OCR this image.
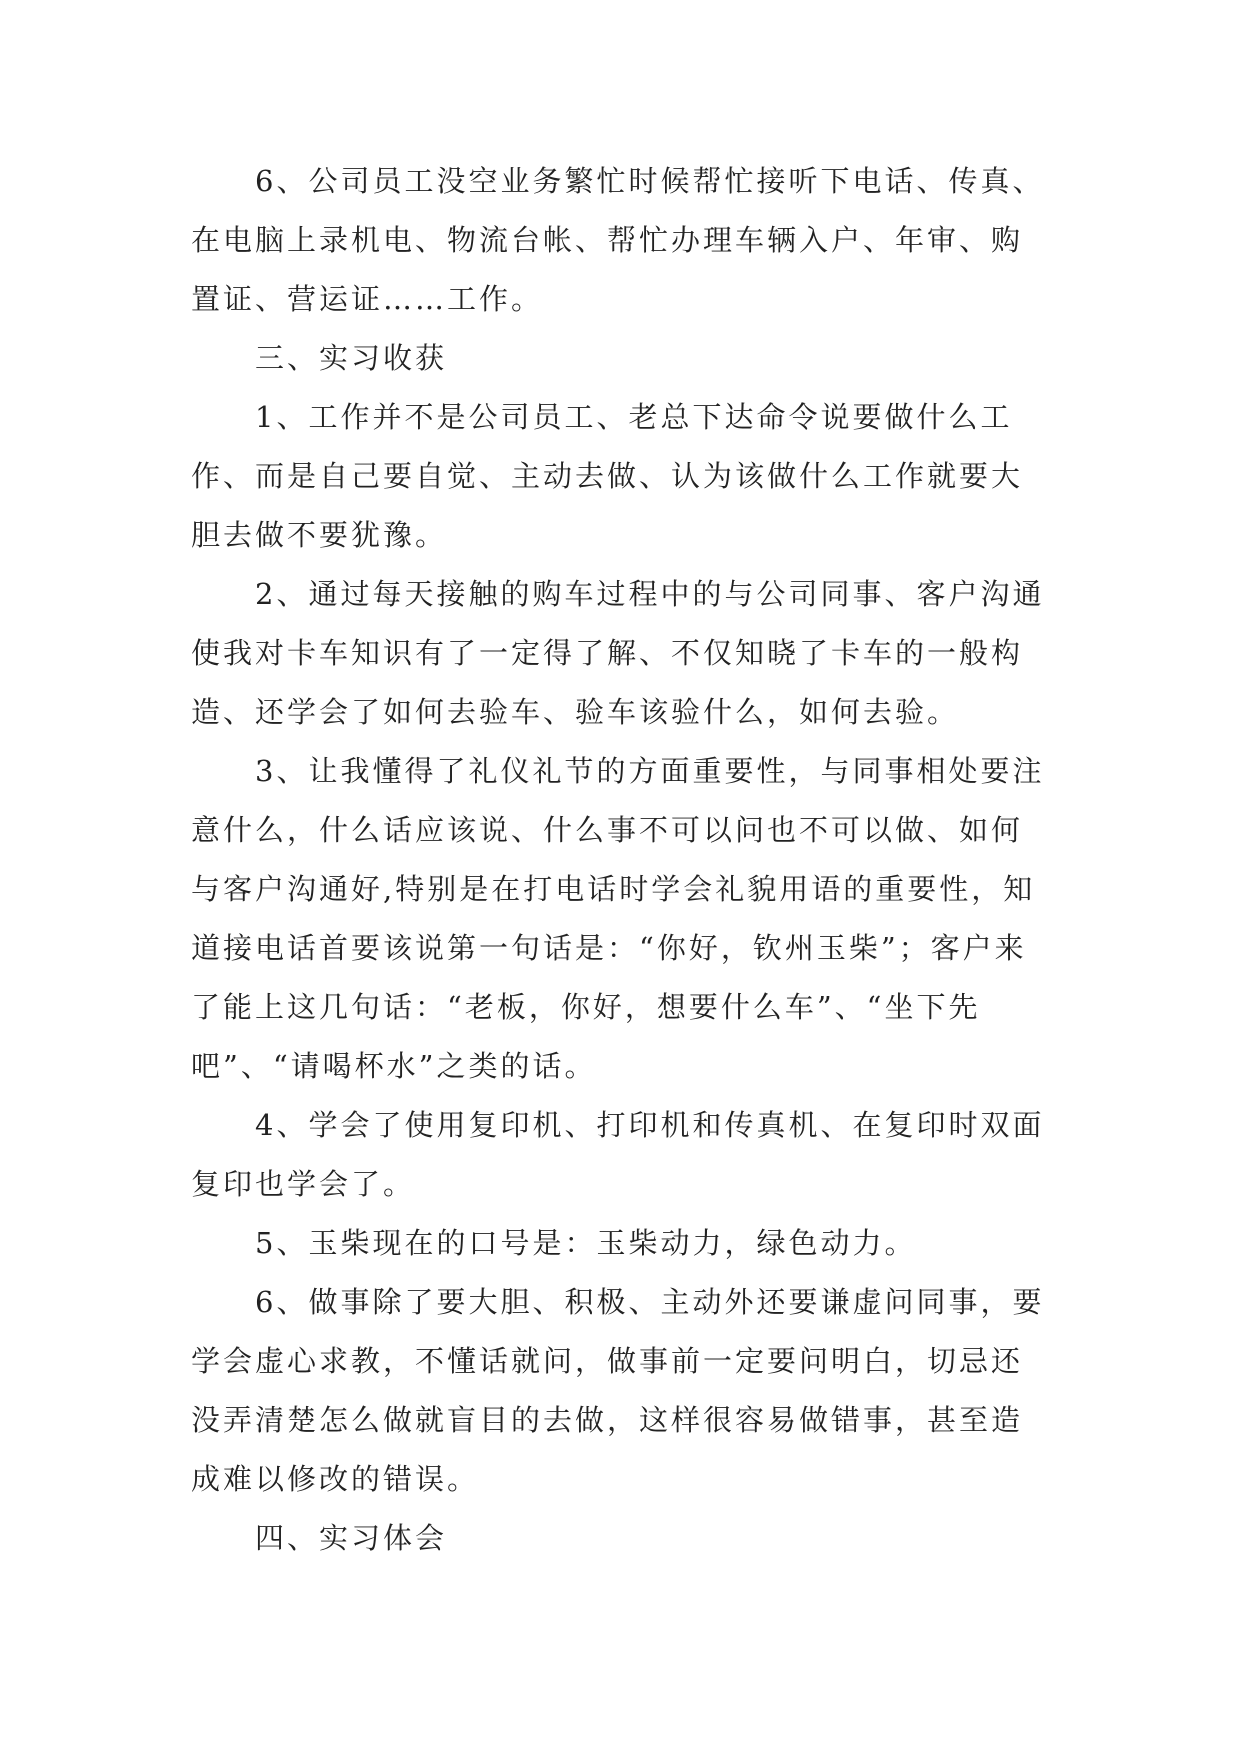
6、公司员工没空业务繁忙时候帮忙接听下电话、传真、在电脑上录机电、物流台帐、帮忙办理车辆入户、年审、购置证、营运证……工作。

三、实习收获

1、工作并不是公司员工、老总下达命令说要做什么工作、而是自己要自觉、主动去做、认为该做什么工作就要大胆去做不要犹豫。

2、通过每天接触的购车过程中的与公司同事、客户沟通使我对卡车知识有了一定得了解、不仅知晓了卡车的一般构造、还学会了如何去验车、验车该验什么，如何去验。

3、让我懂得了礼仪礼节的方面重要性，与同事相处要注意什么，什么话应该说、什么事不可以问也不可以做、如何与客户沟通好,特别是在打电话时学会礼貌用语的重要性，知道接电话首要该说第一句话是：“你好，钦州玉柴”；客户来了能上这几句话：“老板，你好，想要什么车”、“坐下先吧”、“请喝杯水”之类的话。

4、学会了使用复印机、打印机和传真机、在复印时双面复印也学会了。

5、玉柴现在的口号是：玉柴动力，绿色动力。

6、做事除了要大胆、积极、主动外还要谦虚问同事，要学会虚心求教，不懂话就问，做事前一定要问明白，切忌还没弄清楚怎么做就盲目的去做，这样很容易做错事，甚至造成难以修改的错误。

四、实习体会
